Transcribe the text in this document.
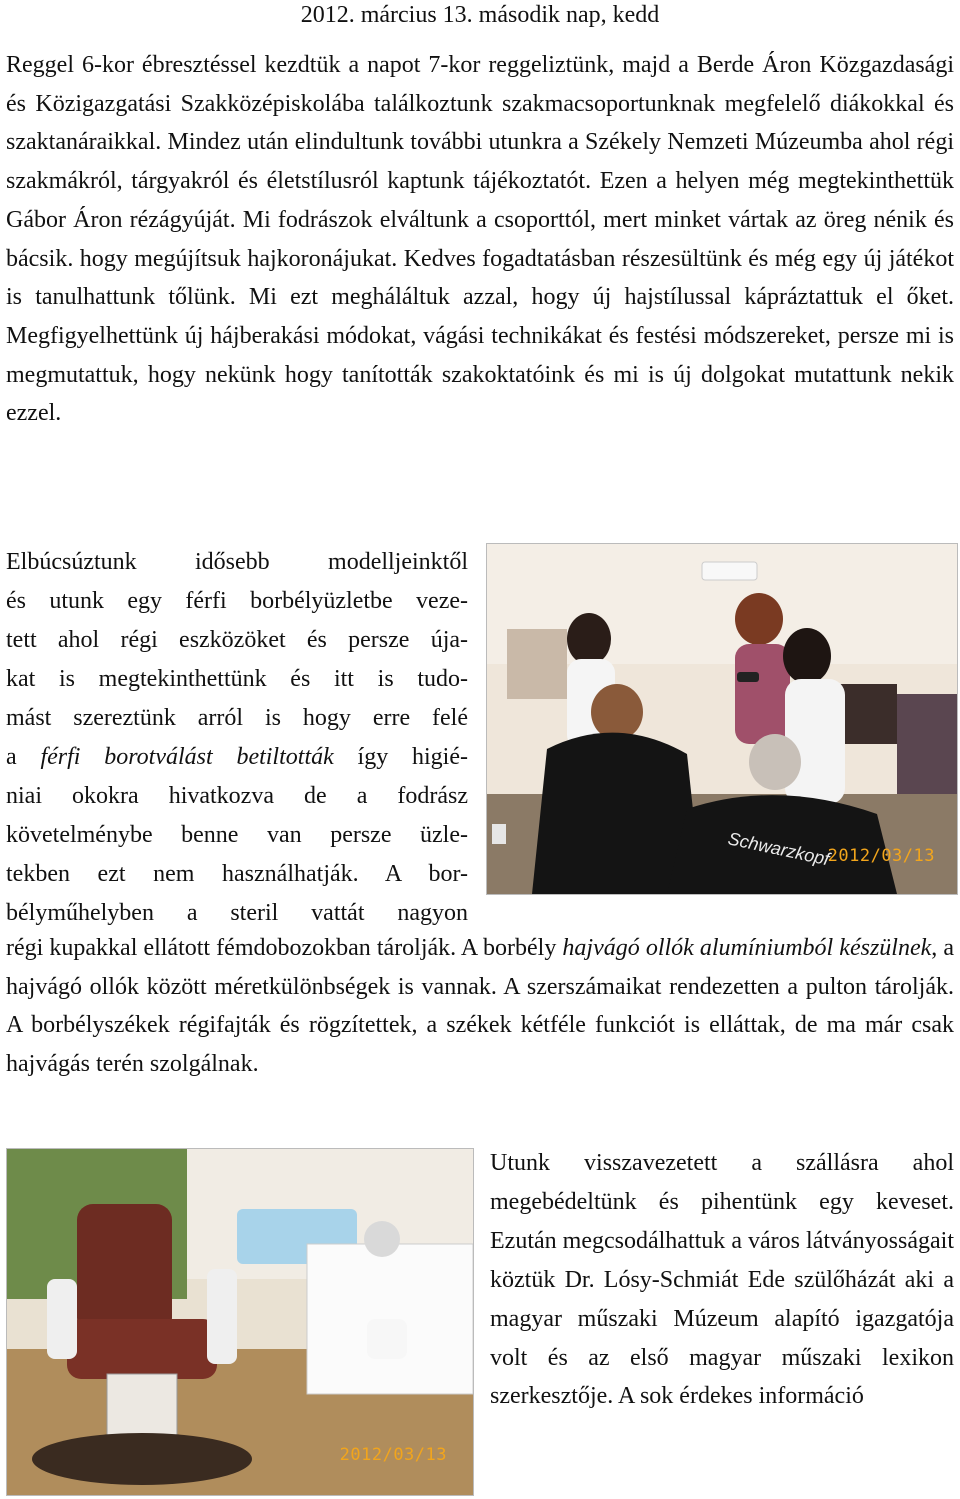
2012. március 13. második nap, kedd

Reggel 6-kor ébresztéssel kezdtük a napot 7-kor reggeliztünk, majd a Berde Áron Közgazdasági és Közigazgatási Szakközépiskolába találkoztunk szakmacsoportunknak megfelelő diákokkal és szaktanáraikkal. Mindez után elindultunk további utunkra a Székely Nemzeti Múzeumba ahol régi szakmákról, tárgyakról és életstílusról kaptunk tájékoztatót. Ezen a helyen még megtekinthettük Gábor Áron rézágyúját. Mi fodrászok elváltunk a csoporttól, mert minket vártak az öreg nénik és bácsik. hogy megújítsuk hajkoronájukat. Kedves fogadtatásban részesültünk és még egy új játékot is tanulhattunk tőlünk. Mi ezt megháláltuk azzal, hogy új hajstílussal kápráztattuk el őket. Megfigyelhettünk új hájberakási módokat, vágási technikákat és festési módszereket, persze mi is megmutattuk, hogy nekünk hogy tanították szakoktatóink és mi is új dolgokat mutattunk nekik ezzel.

Elbúcsúztunk idősebb modelljeinktől
és utunk egy férfi borbélyüzletbe veze-
tett ahol régi eszközöket és persze úja-
kat is megtekinthettünk és itt is tudo-
mást szereztünk arról is hogy erre felé
a férfi borotválást betiltották így higié-
niai okokra hivatkozva de a fodrász
követelménybe benne van persze üzle-
tekben ezt nem használhatják. A bor-
bélyműhelyben a steril vattát nagyon

régi kupakkal ellátott fémdobozokban tárolják. A borbély hajvágó ollók alumíniumból készülnek, a hajvágó ollók között méretkülönbségek is vannak. A szerszámaikat rendezetten a pulton tárolják. A borbélyszékek régifajták és rögzítettek, a székek kétféle funkciót is elláttak, de ma már csak hajvágás terén szolgálnak.

Schwarzkopf
2012/03/13
2012/03/13

Utunk visszavezetett a szállásra ahol megebédeltünk és pihentünk egy keveset. Ezután megcsodálhattuk a város látványosságait köztük Dr. Lósy-Schmiát Ede szülőházát aki a magyar műszaki Múzeum alapító igazgatója volt és az első magyar műszaki lexikon szerkesztője. A sok érdekes információ
